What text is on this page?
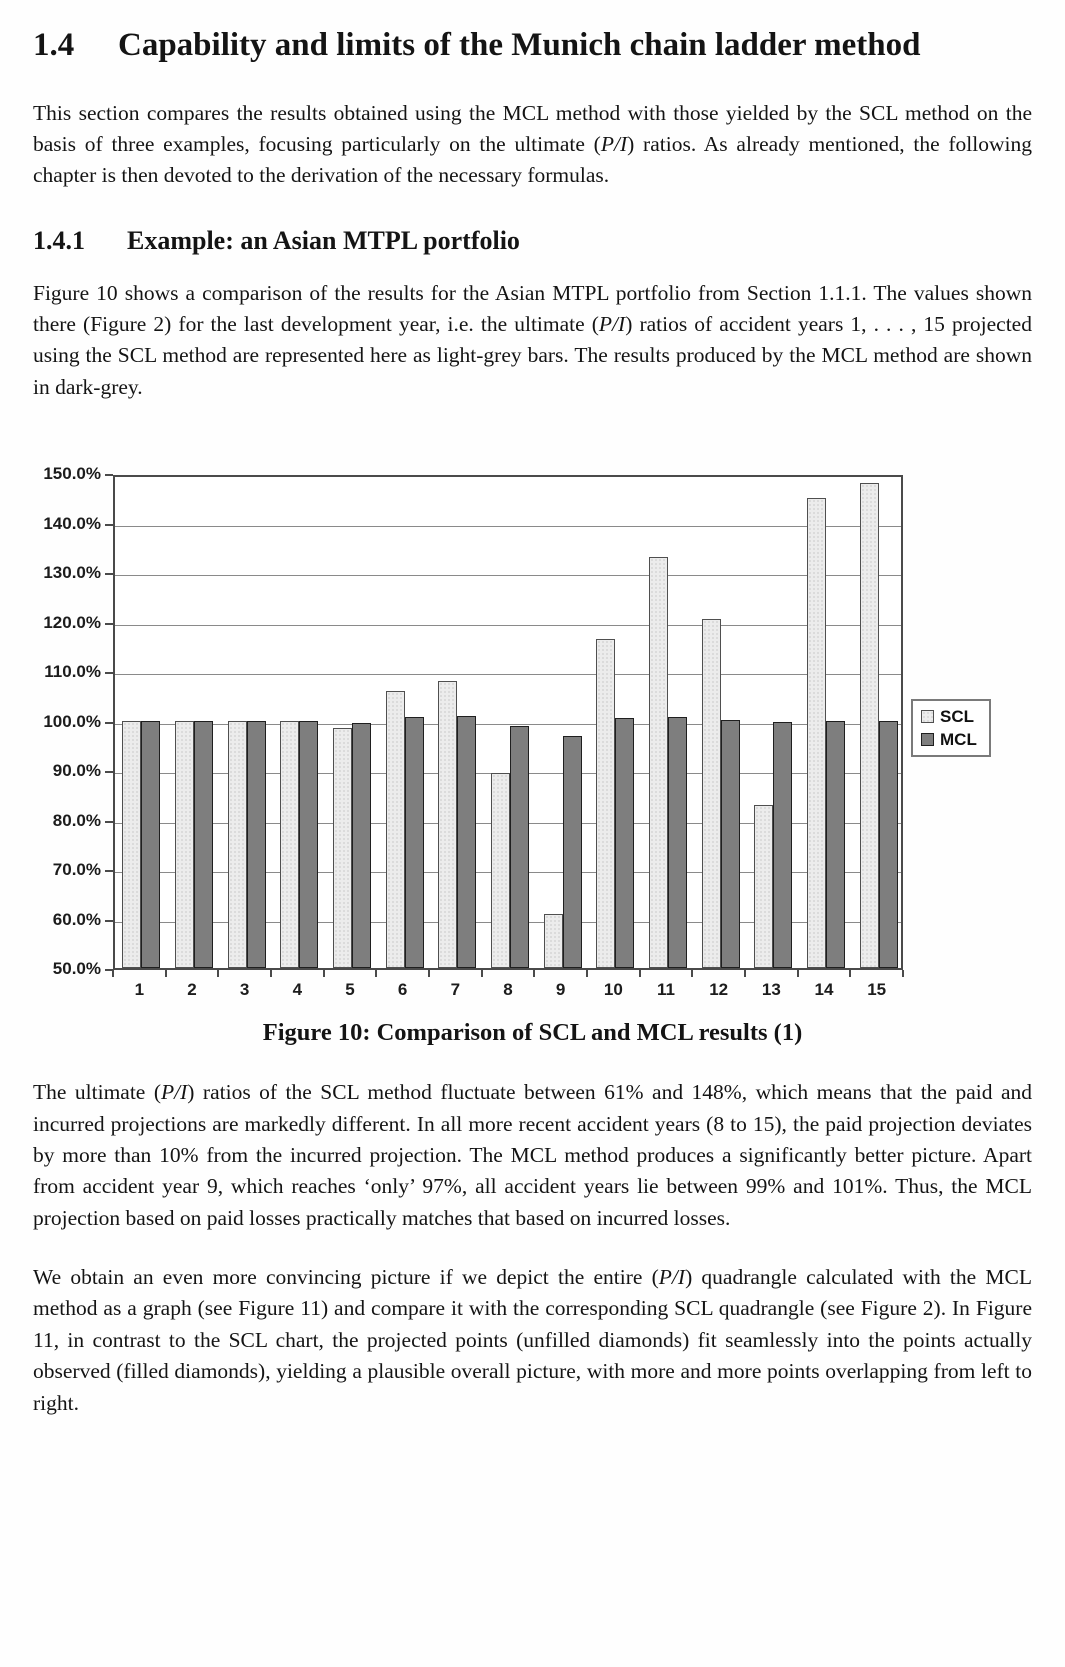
1.4	Capability and limits of the Munich chain ladder method

This section compares the results obtained using the MCL method with those yielded by the SCL method on the basis of three examples, focusing particularly on the ultimate (P/I) ratios. As already mentioned, the following chapter is then devoted to the derivation of the necessary formulas.

1.4.1	Example: an Asian MTPL portfolio

Figure 10 shows a comparison of the results for the Asian MTPL portfolio from Section 1.1.1. The values shown there (Figure 2) for the last development year, i.e. the ultimate (P/I) ratios of accident years 1, . . . , 15 projected using the SCL method are represented here as light-grey bars. The results produced by the MCL method are shown in dark-grey.

150.0%
140.0%
130.0%
120.0%
110.0%
100.0%
90.0%
80.0%
70.0%
60.0%
50.0%
1	2	3	4	5	6	7	8	9	10	11	12	13	14	15
SCL
MCL
Figure 10: Comparison of SCL and MCL results (1)

The ultimate (P/I) ratios of the SCL method fluctuate between 61% and 148%, which means that the paid and incurred projections are markedly different. In all more recent accident years (8 to 15), the paid projection deviates by more than 10% from the incurred projection. The MCL method produces a significantly better picture. Apart from accident year 9, which reaches ‘only’ 97%, all accident years lie between 99% and 101%. Thus, the MCL projection based on paid losses practically matches that based on incurred losses.

We obtain an even more convincing picture if we depict the entire (P/I) quadrangle calculated with the MCL method as a graph (see Figure 11) and compare it with the corresponding SCL quadrangle (see Figure 2). In Figure 11, in contrast to the SCL chart, the projected points (unfilled diamonds) fit seamlessly into the points actually observed (filled diamonds), yielding a plausible overall picture, with more and more points overlapping from left to right.
